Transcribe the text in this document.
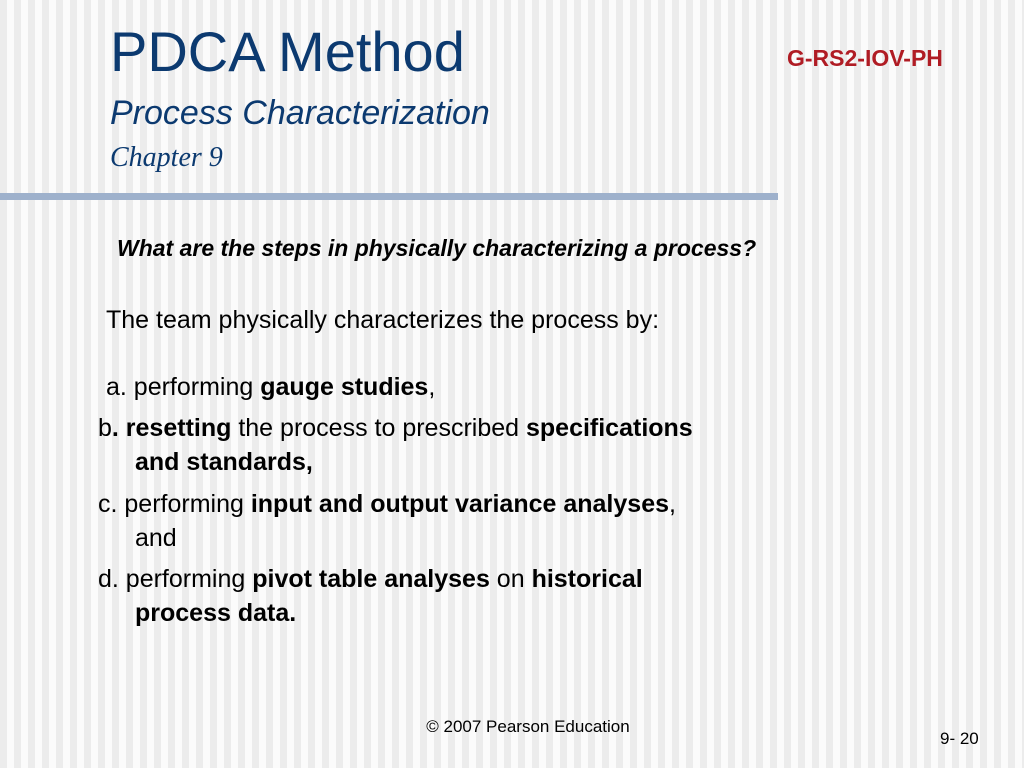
PDCA Method
Process Characterization
Chapter 9
G-RS2-IOV-PH
What are the steps in physically characterizing a process?
The team physically characterizes the process by:
a. performing gauge studies,
b. resetting the process to prescribed specifications
and standards,
c. performing input and output variance analyses,
and
d. performing pivot table analyses on historical
process data.
© 2007 Pearson Education
9- 20
